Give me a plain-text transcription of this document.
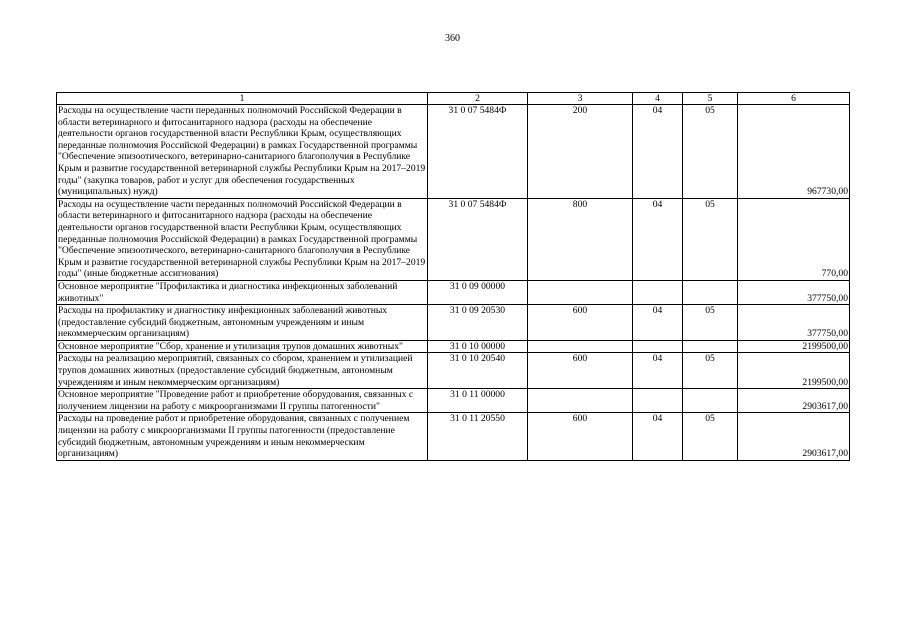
360
1	2	3	4	5	6
Расходы на осуществление части переданных полномочий Российской Федерации в области ветеринарного и фитосанитарного надзора (расходы на обеспечение деятельности органов государственной власти Республики Крым, осуществляющих переданные полномочия Российской Федерации) в рамках Государственной программы "Обеспечение эпизоотического, ветеринарно-санитарного благополучия в Республике Крым и развитие государственной ветеринарной службы Республики Крым на 2017–2019 годы" (закупка товаров, работ и услуг для обеспечения государственных (муниципальных) нужд)	31 0 07 5484Ф	200	04	05	967730,00
Расходы на осуществление части переданных полномочий Российской Федерации в области ветеринарного и фитосанитарного надзора (расходы на обеспечение деятельности органов государственной власти Республики Крым, осуществляющих переданные полномочия Российской Федерации) в рамках Государственной программы "Обеспечение эпизоотического, ветеринарно-санитарного благополучия в Республике Крым и развитие государственной ветеринарной службы Республики Крым на 2017–2019 годы" (иные бюджетные ассигнования)	31 0 07 5484Ф	800	04	05	770,00
Основное мероприятие "Профилактика и диагностика инфекционных заболеваний животных"	31 0 09 00000				377750,00
Расходы на профилактику и диагностику инфекционных заболеваний животных (предоставление субсидий бюджетным, автономным учреждениям и иным некоммерческим организациям)	31 0 09 20530	600	04	05	377750,00
Основное мероприятие "Сбор, хранение и утилизация трупов домашних животных"	31 0 10 00000				2199500,00
Расходы на реализацию мероприятий, связанных со сбором, хранением и утилизацией трупов домашних животных (предоставление субсидий бюджетным, автономным учреждениям и иным некоммерческим организациям)	31 0 10 20540	600	04	05	2199500,00
Основное мероприятие "Проведение работ и приобретение оборудования, связанных с получением лицензии на работу с микроорганизмами II группы патогенности"	31 0 11 00000				2903617,00
Расходы на проведение работ и приобретение оборудования, связанных с получением лицензии на работу с микроорганизмами II группы патогенности (предоставление субсидий бюджетным, автономным учреждениям и иным некоммерческим организациям)	31 0 11 20550	600	04	05	2903617,00
